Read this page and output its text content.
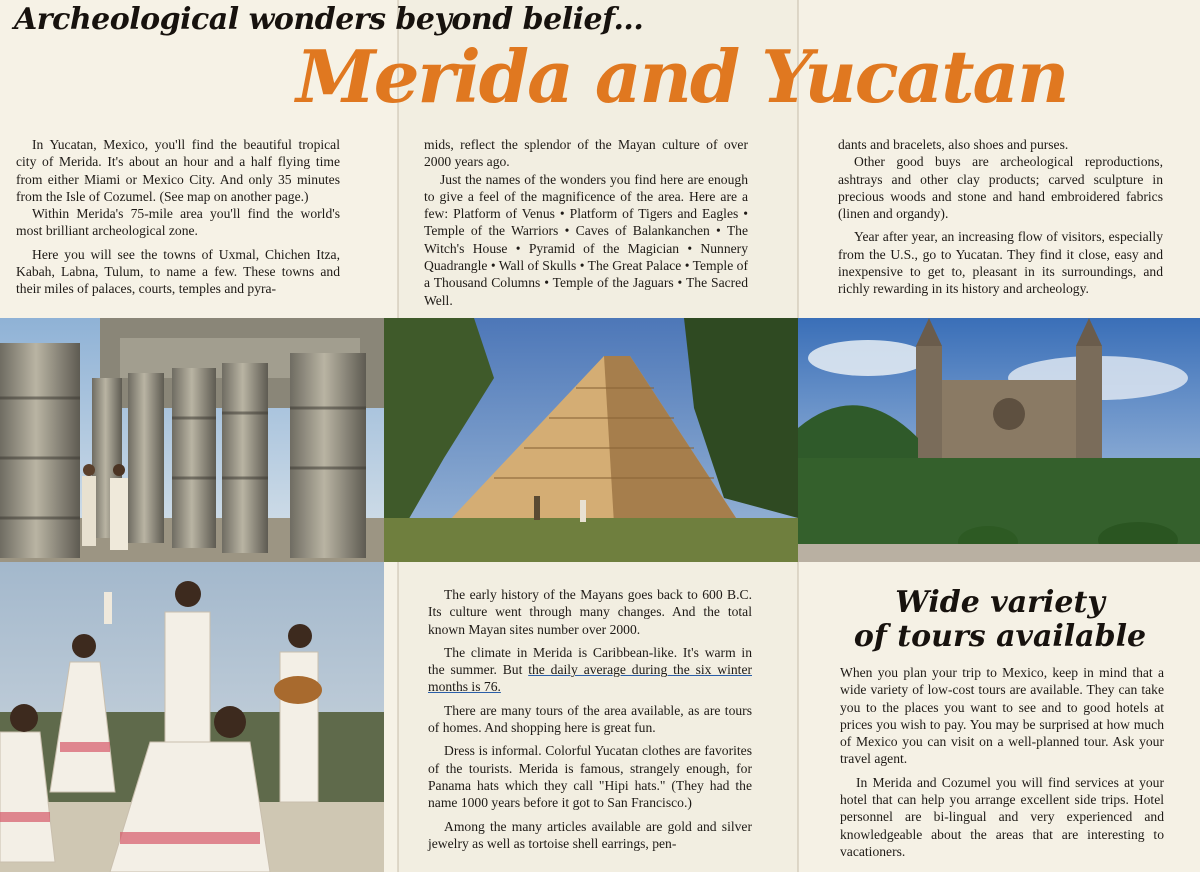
Archeological wonders beyond belief...
Merida and Yucatan

In Yucatan, Mexico, you'll find the beautiful tropical city of Merida. It's about an hour and a half flying time from either Miami or Mexico City. And only 35 minutes from the Isle of Cozumel. (See map on another page.)

Within Merida's 75-mile area you'll find the world's most brilliant archeological zone.

Here you will see the towns of Uxmal, Chichen Itza, Kabah, Labna, Tulum, to name a few. These towns and their miles of palaces, courts, temples and pyra-

mids, reflect the splendor of the Mayan culture of over 2000 years ago.

Just the names of the wonders you find here are enough to give a feel of the magnificence of the area. Here are a few: Platform of Venus • Platform of Tigers and Eagles • Temple of the Warriors • Caves of Balankanchen • The Witch's House • Pyramid of the Magician • Nunnery Quadrangle • Wall of Skulls • The Great Palace • Temple of a Thousand Columns • Temple of the Jaguars • The Sacred Well.

dants and bracelets, also shoes and purses.

Other good buys are archeological reproductions, ashtrays and other clay products; carved sculpture in precious woods and stone and hand embroidered fabrics (linen and organdy).

Year after year, an increasing flow of visitors, especially from the U.S., go to Yucatan. They find it close, easy and inexpensive to get to, pleasant in its surroundings, and richly rewarding in its history and archeology.

The early history of the Mayans goes back to 600 B.C. Its culture went through many changes. And the total known Mayan sites number over 2000.

The climate in Merida is Caribbean-like. It's warm in the summer. But the daily average during the six winter months is 76.

There are many tours of the area available, as are tours of homes. And shopping here is great fun.

Dress is informal. Colorful Yucatan clothes are favorites of the tourists. Merida is famous, strangely enough, for Panama hats which they call "Hipi hats." (They had the name 1000 years before it got to San Francisco.)

Among the many articles available are gold and silver jewelry as well as tortoise shell earrings, pen-

Wide variety
of tours available

When you plan your trip to Mexico, keep in mind that a wide variety of low-cost tours are available. They can take you to the places you want to see and to good hotels at prices you wish to pay. You may be surprised at how much of Mexico you can visit on a well-planned tour. Ask your travel agent.

In Merida and Cozumel you will find services at your hotel that can help you arrange excellent side trips. Hotel personnel are bi-lingual and very experienced and knowledgeable about the areas that are interesting to vacationers.
